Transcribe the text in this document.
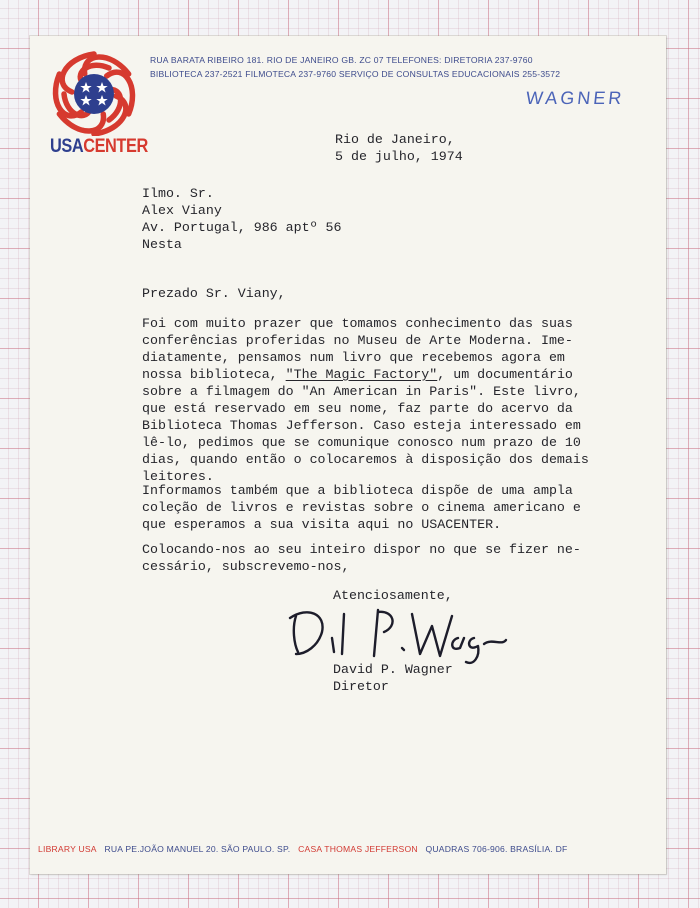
USACENTER
RUA BARATA RIBEIRO 181. RIO DE JANEIRO GB. ZC 07 TELEFONES: DIRETORIA 237-9760
BIBLIOTECA 237-2521 FILMOTECA 237-9760 SERVIÇO DE CONSULTAS EDUCACIONAIS 255-3572
WAGNER
Rio de Janeiro,
5 de julho, 1974
Ilmo. Sr.
Alex Viany
Av. Portugal, 986 aptº 56
Nesta
Prezado Sr. Viany,
Foi com muito prazer que tomamos conhecimento das suas
conferências proferidas no Museu de Arte Moderna. Ime-
diatamente, pensamos num livro que recebemos agora em
nossa biblioteca, "The Magic Factory", um documentário
sobre a filmagem do "An American in Paris". Este livro,
que está reservado em seu nome, faz parte do acervo da
Biblioteca Thomas Jefferson. Caso esteja interessado em
lê-lo, pedimos que se comunique conosco num prazo de 10
dias, quando então o colocaremos à disposição dos demais
leitores.
Informamos também que a biblioteca dispõe de uma ampla
coleção de livros e revistas sobre o cinema americano e
que esperamos a sua visita aqui no USACENTER.
Colocando-nos ao seu inteiro dispor no que se fizer ne-
cessário, subscrevemo-nos,
Atenciosamente,
David P. Wagner
Diretor
LIBRARY USA RUA PE.JOÃO MANUEL 20. SÃO PAULO. SP. CASA THOMAS JEFFERSON QUADRAS 706-906. BRASÍLIA. DF
